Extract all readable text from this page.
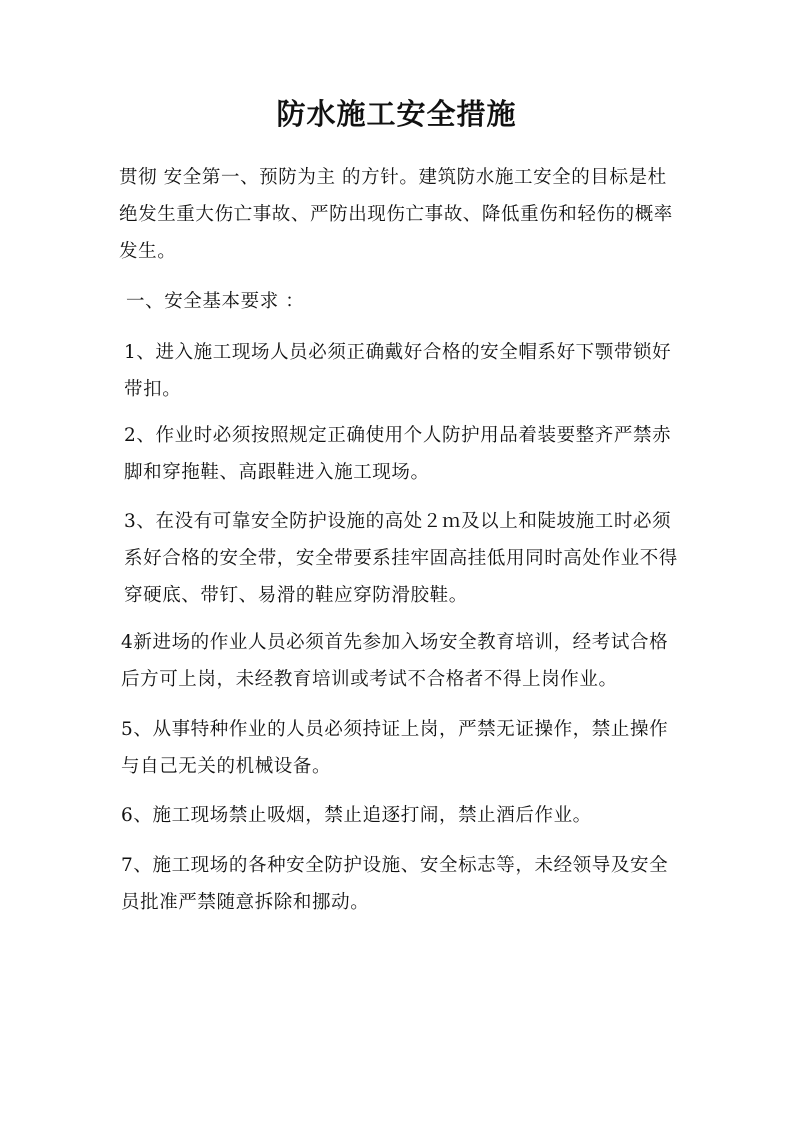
防水施工安全措施
贯彻 安全第一、预防为主 的方针。建筑防水施工安全的目标是杜绝发生重大伤亡事故、严防出现伤亡事故、降低重伤和轻伤的概率发生。
一、安全基本要求 ：
1、进入施工现场人员必须正确戴好合格的安全帽系好下颚带锁好带扣。
2、作业时必须按照规定正确使用个人防护用品着装要整齐严禁赤脚和穿拖鞋、高跟鞋进入施工现场。
3、在没有可靠安全防护设施的高处２ｍ及以上和陡坡施工时必须系好合格的安全带，安全带要系挂牢固高挂低用同时高处作业不得穿硬底、带钉、易滑的鞋应穿防滑胶鞋。
4新进场的作业人员必须首先参加入场安全教育培训，经考试合格后方可上岗，未经教育培训或考试不合格者不得上岗作业。
5、从事特种作业的人员必须持证上岗，严禁无证操作，禁止操作与自己无关的机械设备。
6、施工现场禁止吸烟，禁止追逐打闹，禁止酒后作业。
7、施工现场的各种安全防护设施、安全标志等，未经领导及安全员批准严禁随意拆除和挪动。
